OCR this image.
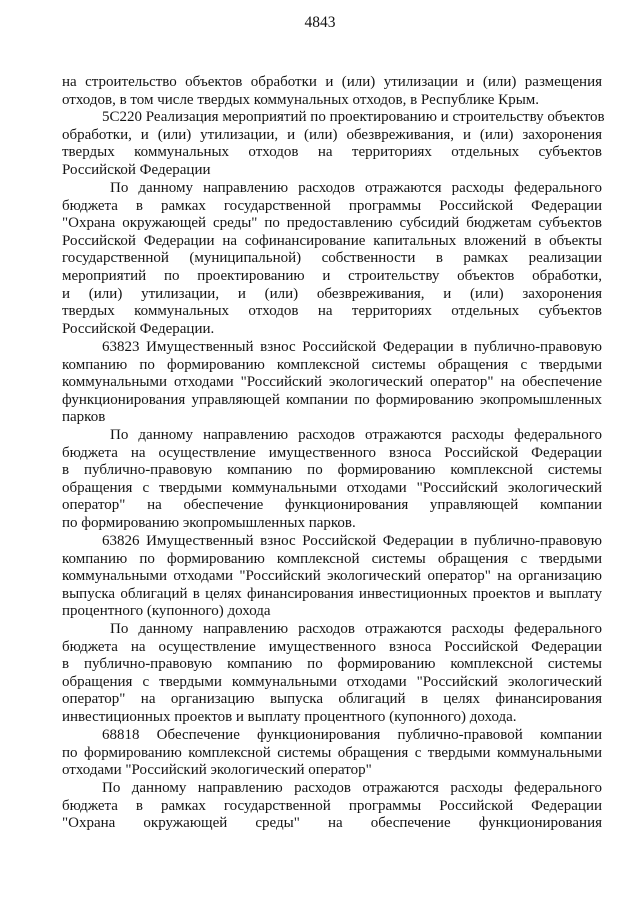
4843
на строительство объектов обработки и (или) утилизации и (или) размещения
отходов, в том числе твердых коммунальных отходов, в Республике Крым.
5С220 Реализация мероприятий по проектированию и строительству объектов
обработки, и (или) утилизации, и (или) обезвреживания, и (или) захоронения
твердых коммунальных отходов на территориях отдельных субъектов
Российской Федерации
По данному направлению расходов отражаются расходы федерального
бюджета в рамках государственной программы Российской Федерации
"Охрана окружающей среды" по предоставлению субсидий бюджетам субъектов
Российской Федерации на софинансирование капитальных вложений в объекты
государственной (муниципальной) собственности в рамках реализации
мероприятий по проектированию и строительству объектов обработки,
и (или) утилизации, и (или) обезвреживания, и (или) захоронения
твердых коммунальных отходов на территориях отдельных субъектов
Российской Федерации.
63823 Имущественный взнос Российской Федерации в публично-правовую
компанию по формированию комплексной системы обращения с твердыми
коммунальными отходами "Российский экологический оператор" на обеспечение
функционирования управляющей компании по формированию экопромышленных
парков
По данному направлению расходов отражаются расходы федерального
бюджета на осуществление имущественного взноса Российской Федерации
в публично-правовую компанию по формированию комплексной системы
обращения с твердыми коммунальными отходами "Российский экологический
оператор" на обеспечение функционирования управляющей компании
по формированию экопромышленных парков.
63826 Имущественный взнос Российской Федерации в публично-правовую
компанию по формированию комплексной системы обращения с твердыми
коммунальными отходами "Российский экологический оператор" на организацию
выпуска облигаций в целях финансирования инвестиционных проектов и выплату
процентного (купонного) дохода
По данному направлению расходов отражаются расходы федерального
бюджета на осуществление имущественного взноса Российской Федерации
в публично-правовую компанию по формированию комплексной системы
обращения с твердыми коммунальными отходами "Российский экологический
оператор" на организацию выпуска облигаций в целях финансирования
инвестиционных проектов и выплату процентного (купонного) дохода.
68818 Обеспечение функционирования публично-правовой компании
по формированию комплексной системы обращения с твердыми коммунальными
отходами "Российский экологический оператор"
По данному направлению расходов отражаются расходы федерального
бюджета в рамках государственной программы Российской Федерации
"Охрана окружающей среды" на обеспечение функционирования
